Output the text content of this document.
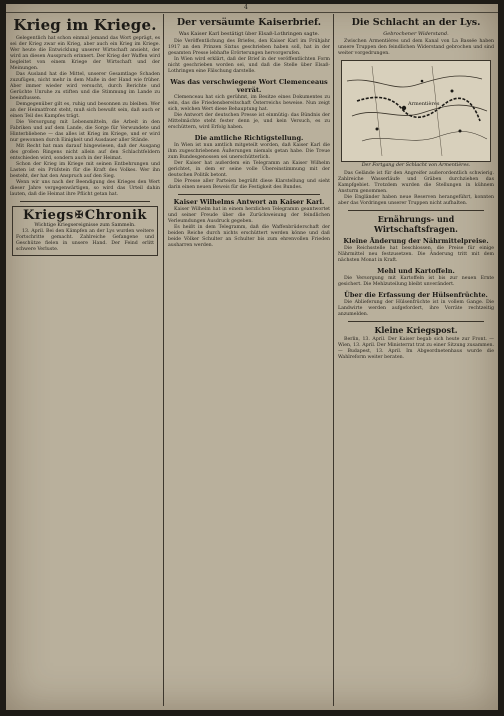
4
Krieg im Kriege.

Gelegentlich hat schon einmal jemand das Wort geprägt, es sei der Krieg zwar ein Krieg, aber auch ein Krieg im Kriege. Wer heute die Entwicklung unserer Wirtschaft ansieht, der wird an diesen Ausspruch erinnert. Der Krieg der Waffen wird begleitet von einem Kriege der Wirtschaft und der Meinungen.

Das Ausland hat die Mittel, unserer Gesamtlage Schaden zuzufügen, nicht mehr in dem Maße in der Hand wie früher. Aber immer wieder wird versucht, durch Berichte und Gerüchte Unruhe zu stiften und die Stimmung im Lande zu beeinflussen.

Demgegenüber gilt es, ruhig und besonnen zu bleiben. Wer an der Heimatfront steht, muß sich bewußt sein, daß auch er einen Teil des Kampfes trägt.

Die Versorgung mit Lebensmitteln, die Arbeit in den Fabriken und auf dem Lande, die Sorge für Verwundete und Hinterbliebene — das alles ist Krieg im Kriege, und er wird nur gewonnen durch Einigkeit und Ausdauer aller Stände.

Mit Recht hat man darauf hingewiesen, daß der Ausgang des großen Ringens nicht allein auf den Schlachtfeldern entschieden wird, sondern auch in der Heimat.

Schon der Krieg im Kriege mit seinen Entbehrungen und Lasten ist ein Prüfstein für die Kraft des Volkes. Wer ihn besteht, der hat den Anspruch auf den Sieg.

Wenn wir uns nach der Beendigung des Krieges den Wert dieser Jahre vergegenwärtigen, so wird das Urteil dahin lauten, daß die Heimat ihre Pflicht getan hat.

Kriegs✠Chronik
Wichtige Kriegsereignisse zum Sammeln.

13. April. Bei den Kämpfen an der Lys wurden weitere Fortschritte gemacht. Zahlreiche Gefangene und Geschütze fielen in unsere Hand. Der Feind erlitt schwere Verluste.

Der versäumte Kaiserbrief.
Was Kaiser Karl bestätigt über Elsaß-Lothringen sagte.

Die Veröffentlichung des Briefes, den Kaiser Karl im Frühjahr 1917 an den Prinzen Sixtus geschrieben haben soll, hat in der gesamten Presse lebhafte Erörterungen hervorgerufen.

In Wien wird erklärt, daß der Brief in der veröffentlichten Form nicht geschrieben worden sei, und daß die Stelle über Elsaß-Lothringen eine Fälschung darstelle.

Was das verschwiegene Wort Clemenceaus verrät.

Clemenceau hat sich gerühmt, im Besitze eines Dokumentes zu sein, das die Friedensbereitschaft Österreichs beweise. Nun zeigt sich, welchen Wert diese Behauptung hat.

Die Antwort der deutschen Presse ist einmütig: das Bündnis der Mittelmächte steht fester denn je, und kein Versuch, es zu erschüttern, wird Erfolg haben.

Die amtliche Richtigstellung.

In Wien ist nun amtlich mitgeteilt worden, daß Kaiser Karl die ihm zugeschriebenen Äußerungen niemals getan habe. Die Treue zum Bundesgenossen sei unerschütterlich.

Der Kaiser hat außerdem ein Telegramm an Kaiser Wilhelm gerichtet, in dem er seine volle Übereinstimmung mit der deutschen Politik betont.

Die Presse aller Parteien begrüßt diese Klarstellung und sieht darin einen neuen Beweis für die Festigkeit des Bundes.

Kaiser Wilhelms Antwort an Kaiser Karl.

Kaiser Wilhelm hat in einem herzlichen Telegramm geantwortet und seiner Freude über die Zurückweisung der feindlichen Verleumdungen Ausdruck gegeben.

Es heißt in dem Telegramm, daß die Waffenbrüderschaft der beiden Reiche durch nichts erschüttert werden könne und daß beide Völker Schulter an Schulter bis zum ehrenvollen Frieden ausharren werden.

Die Schlacht an der Lys.
Gebrochener Widerstand.

Zwischen Armentières und dem Kanal von La Bassée haben unsere Truppen den feindlichen Widerstand gebrochen und sind weiter vorgedrungen.

Armentières
Der Fortgang der Schlacht von Armentières.

Das Gelände ist für den Angreifer außerordentlich schwierig. Zahlreiche Wasserläufe und Gräben durchziehen das Kampfgebiet. Trotzdem wurden die Stellungen in kühnem Ansturm genommen.

Die Engländer haben neue Reserven herangeführt, konnten aber das Vordringen unserer Truppen nicht aufhalten.

Ernährungs- und Wirtschaftsfragen.
Kleine Änderung der Nährmittelpreise.

Die Reichsstelle hat beschlossen, die Preise für einige Nährmittel neu festzusetzen. Die Änderung tritt mit dem nächsten Monat in Kraft.

Mehl und Kartoffeln.

Die Versorgung mit Kartoffeln ist bis zur neuen Ernte gesichert. Die Mehlzuteilung bleibt unverändert.

Über die Erfassung der Hülsenfrüchte.

Die Ablieferung der Hülsenfrüchte ist in vollem Gange. Die Landwirte werden aufgefordert, ihre Vorräte rechtzeitig anzumelden.

Kleine Kriegspost.

Berlin, 13. April. Der Kaiser begab sich heute zur Front. — Wien, 13. April. Der Ministerrat trat zu einer Sitzung zusammen. — Budapest, 13. April. Im Abgeordnetenhaus wurde die Wahlreform weiter beraten.
